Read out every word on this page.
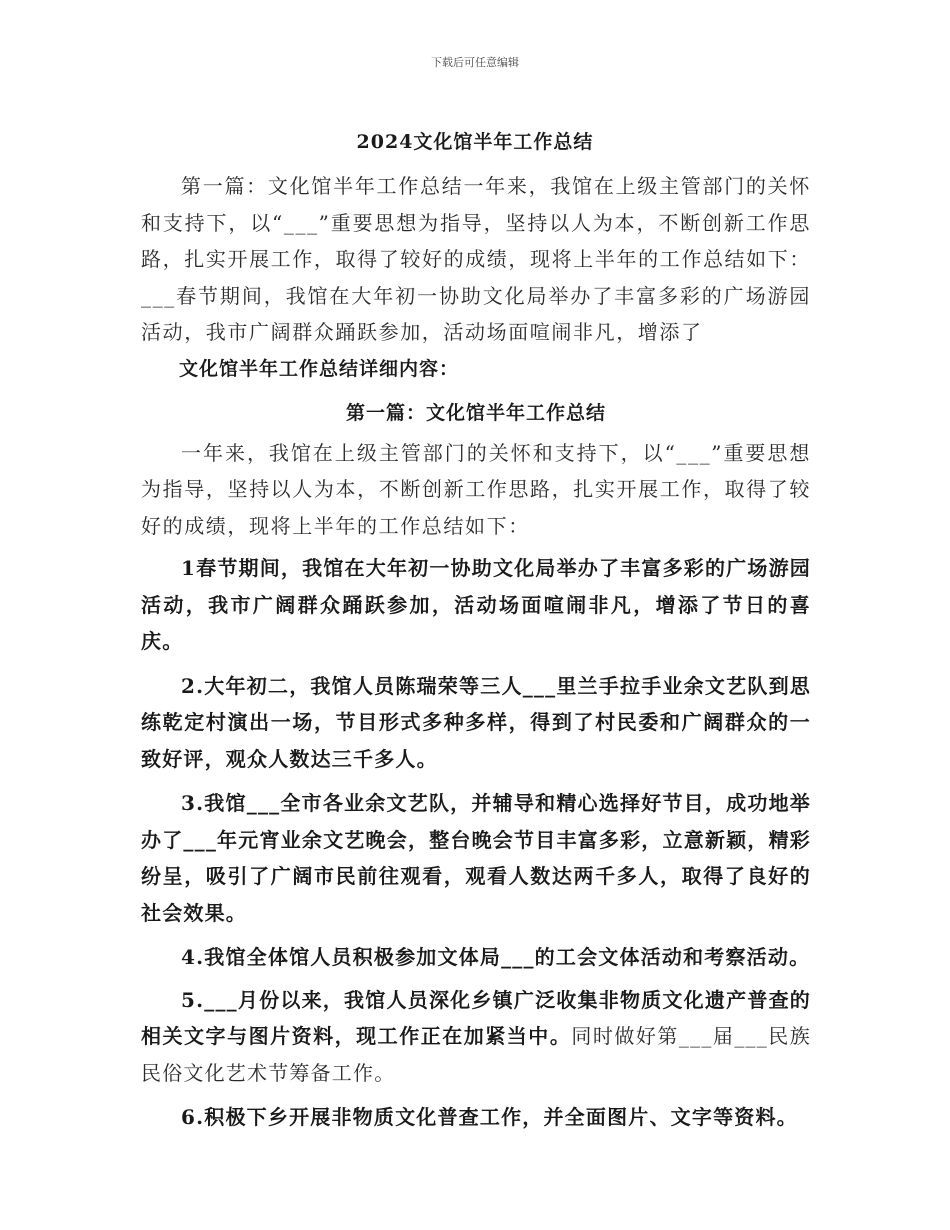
下载后可任意编辑
2024文化馆半年工作总结

第一篇：文化馆半年工作总结一年来，我馆在上级主管部门的关怀和支持下，以“___”重要思想为指导，坚持以人为本，不断创新工作思路，扎实开展工作，取得了较好的成绩，现将上半年的工作总结如下：___春节期间，我馆在大年初一协助文化局举办了丰富多彩的广场游园活动，我市广阔群众踊跃参加，活动场面喧闹非凡，增添了

文化馆半年工作总结详细内容：

第一篇：文化馆半年工作总结

一年来，我馆在上级主管部门的关怀和支持下，以“___”重要思想为指导，坚持以人为本，不断创新工作思路，扎实开展工作，取得了较好的成绩，现将上半年的工作总结如下：

1春节期间，我馆在大年初一协助文化局举办了丰富多彩的广场游园活动，我市广阔群众踊跃参加，活动场面喧闹非凡，增添了节日的喜庆。

2.大年初二，我馆人员陈瑞荣等三人___里兰手拉手业余文艺队到思练乾定村演出一场，节目形式多种多样，得到了村民委和广阔群众的一致好评，观众人数达三千多人。

3.我馆___全市各业余文艺队，并辅导和精心选择好节目，成功地举办了___年元宵业余文艺晚会，整台晚会节目丰富多彩，立意新颖，精彩纷呈，吸引了广阔市民前往观看，观看人数达两千多人，取得了良好的社会效果。

4.我馆全体馆人员积极参加文体局___的工会文体活动和考察活动。

5.___月份以来，我馆人员深化乡镇广泛收集非物质文化遗产普查的相关文字与图片资料，现工作正在加紧当中。同时做好第___届___民族民俗文化艺术节筹备工作。

6.积极下乡开展非物质文化普查工作，并全面图片、文字等资料。
